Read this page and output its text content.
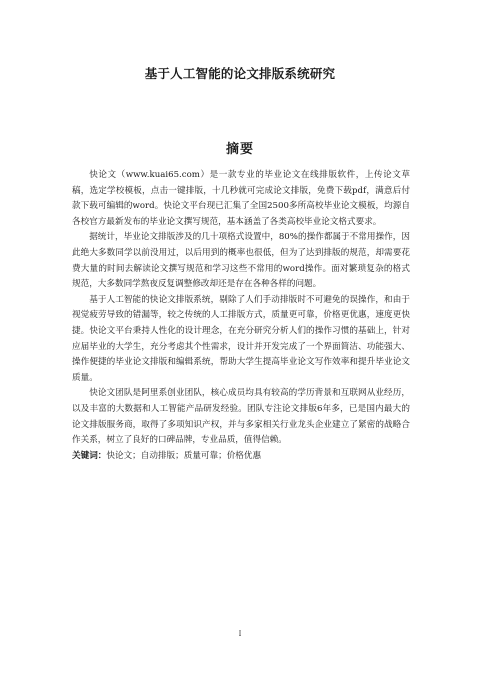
基于人工智能的论文排版系统研究
摘要

快论文（www.kuai65.com）是一款专业的毕业论文在线排版软件，上传论文草稿，选定学校模板，点击一键排版，十几秒就可完成论文排版，免费下载pdf，满意后付款下载可编辑的word。快论文平台现已汇集了全国2500多所高校毕业论文模板，均源自各校官方最新发布的毕业论文撰写规范，基本涵盖了各类高校毕业论文格式要求。

据统计，毕业论文排版涉及的几十项格式设置中，80%的操作都属于不常用操作，因此绝大多数同学以前没用过，以后用到的概率也很低，但为了达到排版的规范，却需要花费大量的时间去解读论文撰写规范和学习这些不常用的word操作。面对繁琐复杂的格式规范，大多数同学熬夜反复调整修改却还是存在各种各样的问题。

基于人工智能的快论文排版系统，剔除了人们手动排版时不可避免的误操作，和由于视觉疲劳导致的错漏等，较之传统的人工排版方式，质量更可靠，价格更优惠，速度更快捷。快论文平台秉持人性化的设计理念，在充分研究分析人们的操作习惯的基础上，针对应届毕业的大学生，充分考虑其个性需求，设计并开发完成了一个界面简洁、功能强大、操作便捷的毕业论文排版和编辑系统，帮助大学生提高毕业论文写作效率和提升毕业论文质量。

快论文团队是阿里系创业团队，核心成员均具有较高的学历背景和互联网从业经历，以及丰富的大数据和人工智能产品研发经验。团队专注论文排版6年多，已是国内最大的论文排版服务商，取得了多项知识产权，并与多家相关行业龙头企业建立了紧密的战略合作关系，树立了良好的口碑品牌，专业品质，值得信赖。

关键词：快论文；自动排版；质量可靠；价格优惠

I
